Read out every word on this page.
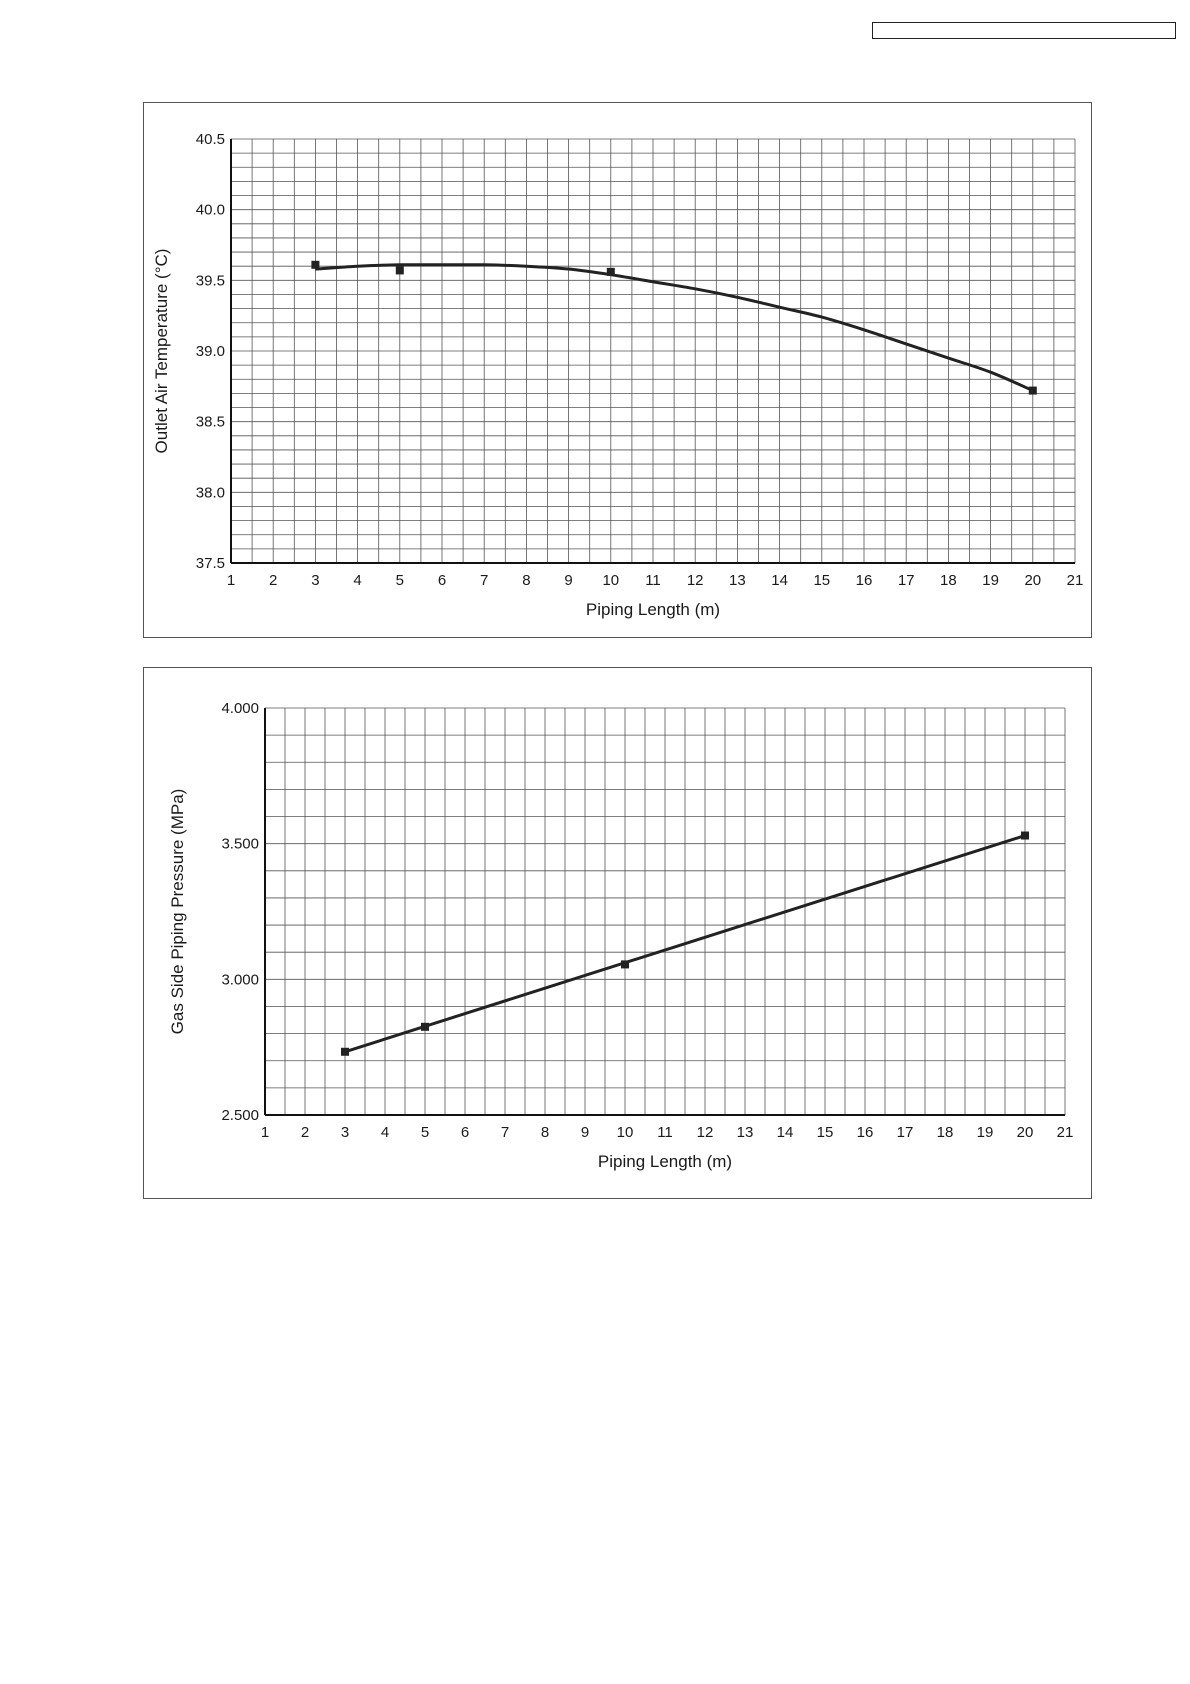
37.5
38.0
38.5
39.0
39.5
40.0
40.5
1 2 3 4 5 6 7 8 9 10 11 12 13 14 15 16 17 18 19 20 21
Piping Length (m)
Outlet Air Temperature (°C)
2.500
3.000
3.500
4.000
1 2 3 4 5 6 7 8 9 10 11 12 13 14 15 16 17 18 19 20 21
Piping Length (m)
Gas Side Piping Pressure (MPa)
